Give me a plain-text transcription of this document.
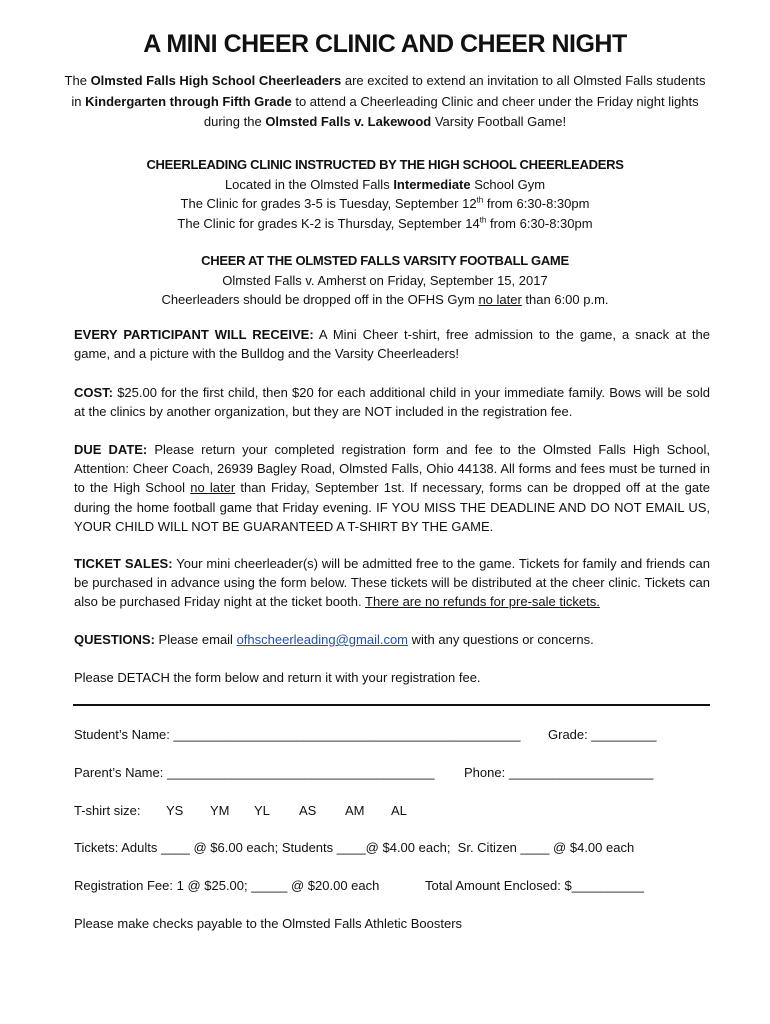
A MINI CHEER CLINIC AND CHEER NIGHT
The Olmsted Falls High School Cheerleaders are excited to extend an invitation to all Olmsted Falls students in Kindergarten through Fifth Grade to attend a Cheerleading Clinic and cheer under the Friday night lights during the Olmsted Falls v. Lakewood Varsity Football Game!
CHEERLEADING CLINIC INSTRUCTED BY THE HIGH SCHOOL CHEERLEADERS
Located in the Olmsted Falls Intermediate School Gym
The Clinic for grades 3-5 is Tuesday, September 12th from 6:30-8:30pm
The Clinic for grades K-2 is Thursday, September 14th from 6:30-8:30pm
CHEER AT THE OLMSTED FALLS VARSITY FOOTBALL GAME
Olmsted Falls v. Amherst on Friday, September 15, 2017
Cheerleaders should be dropped off in the OFHS Gym no later than 6:00 p.m.
EVERY PARTICIPANT WILL RECEIVE: A Mini Cheer t-shirt, free admission to the game, a snack at the game, and a picture with the Bulldog and the Varsity Cheerleaders!
COST: $25.00 for the first child, then $20 for each additional child in your immediate family. Bows will be sold at the clinics by another organization, but they are NOT included in the registration fee.
DUE DATE: Please return your completed registration form and fee to the Olmsted Falls High School, Attention: Cheer Coach, 26939 Bagley Road, Olmsted Falls, Ohio 44138. All forms and fees must be turned in to the High School no later than Friday, September 1st. If necessary, forms can be dropped off at the gate during the home football game that Friday evening. IF YOU MISS THE DEADLINE AND DO NOT EMAIL US, YOUR CHILD WILL NOT BE GUARANTEED A T-SHIRT BY THE GAME.
TICKET SALES: Your mini cheerleader(s) will be admitted free to the game. Tickets for family and friends can be purchased in advance using the form below. These tickets will be distributed at the cheer clinic. Tickets can also be purchased Friday night at the ticket booth. There are no refunds for pre-sale tickets.
QUESTIONS: Please email ofhscheerleading@gmail.com with any questions or concerns.
Please DETACH the form below and return it with your registration fee.
Student’s Name: ________________________________________________ Grade: _________
Parent’s Name: _____________________________________ Phone: ____________________
T-shirt size: YS YM YL AS AM AL
Tickets: Adults ____ @ $6.00 each; Students ____@ $4.00 each;  Sr. Citizen ____ @ $4.00 each
Registration Fee: 1 @ $25.00; _____ @ $20.00 each	Total Amount Enclosed: $__________
Please make checks payable to the Olmsted Falls Athletic Boosters
